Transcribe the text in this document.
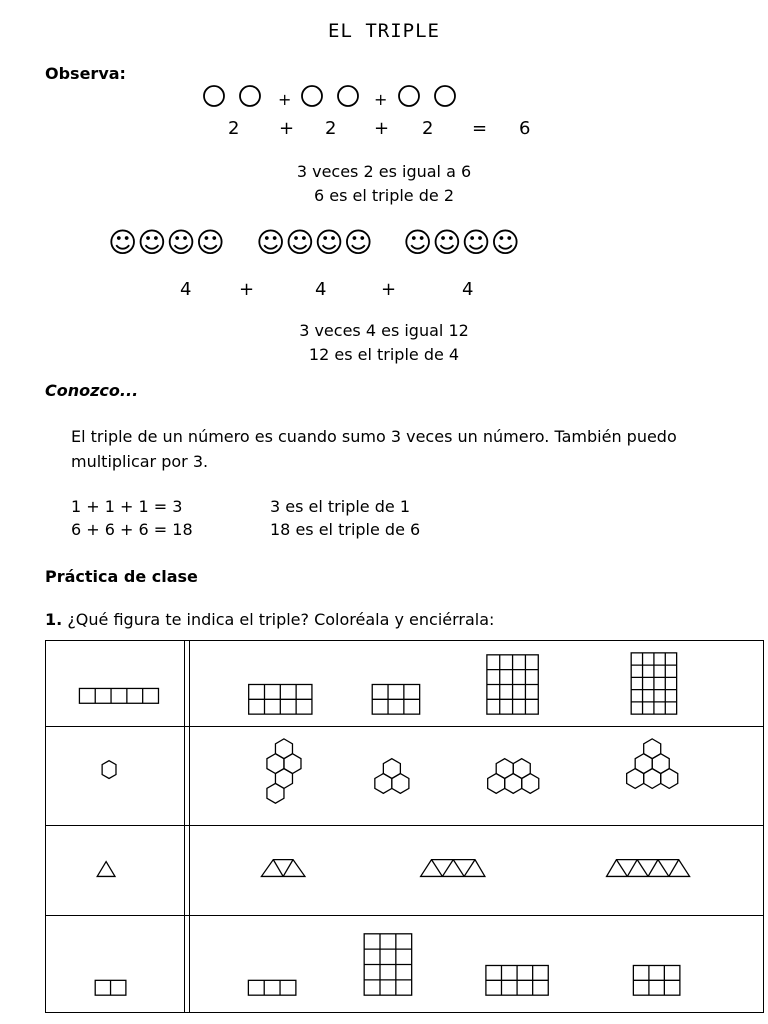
EL TRIPLE
Observa:
+	+
2 + 2 + 2 = 6
3 veces 2 es igual a 6
6 es el triple de 2
☺☺☺☺ ☺☺☺☺ ☺☺☺☺
4	+	4	+	4
3 veces 4 es igual 12
12 es el triple de 4
Conozco...
El triple de un número es cuando sumo 3 veces un número. También puedo
multiplicar por 3.
1 + 1 + 1 = 3	3 es el triple de 1
6 + 6 + 6 = 18	18 es el triple de 6
Práctica de clase
1. ¿Qué figura te indica el triple? Coloréala y enciérrala:
